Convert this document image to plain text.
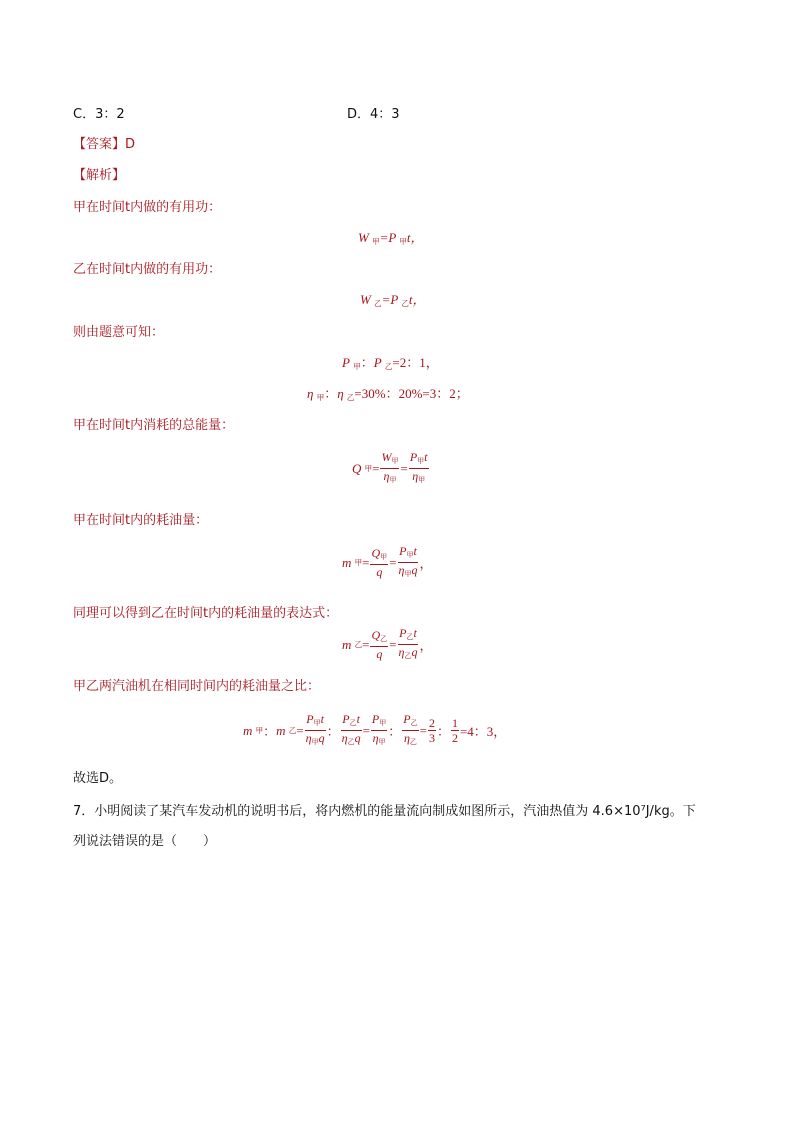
C．3：2	D．4：3
【答案】D
【解析】
甲在时间t内做的有用功：
W $_甲$=P $_甲$t，
乙在时间t内做的有用功：
W $_乙$=P $_乙$t，
则由题意可知：
P $_甲$：P $_乙$=2：1，
η $_甲$：η $_乙$=30%：20%=3：2；
甲在时间t内消耗的总能量：
Q
甲 = $\frac{\text{W甲}}{\text{η甲}} = \frac{\text{P甲t}}{\text{η甲}}$
甲在时间t内的耗油量：
m
甲 = $\frac{\text{Q甲}}{q} = \frac{\text{P甲t}}{\text{η甲q}}$ ，
同理可以得到乙在时间t内的耗油量的表达式：
m
乙 = $\frac{\text{Q乙}}{q} = \frac{\text{P乙t}}{\text{η乙q}}$ ，
甲乙两汽油机在相同时间内的耗油量之比：
m
甲 ： m
乙 = $\frac{\text{P甲t}}{\text{η甲q}}$ ： $\frac{\text{P乙t}}{\text{η乙q}} = \frac{\text{P甲}}{\text{η甲}}$ ： $\frac{\text{P乙}}{\text{η乙}} = \frac{2}{3}$ ： $\frac{1}{2} =4$：3，
故选D。
7．小明阅读了某汽车发动机的说明书后，将内燃机的能量流向制成如图所示，汽油热值为 4.6×10⁷J/kg。下
列说法错误的是（　　）
